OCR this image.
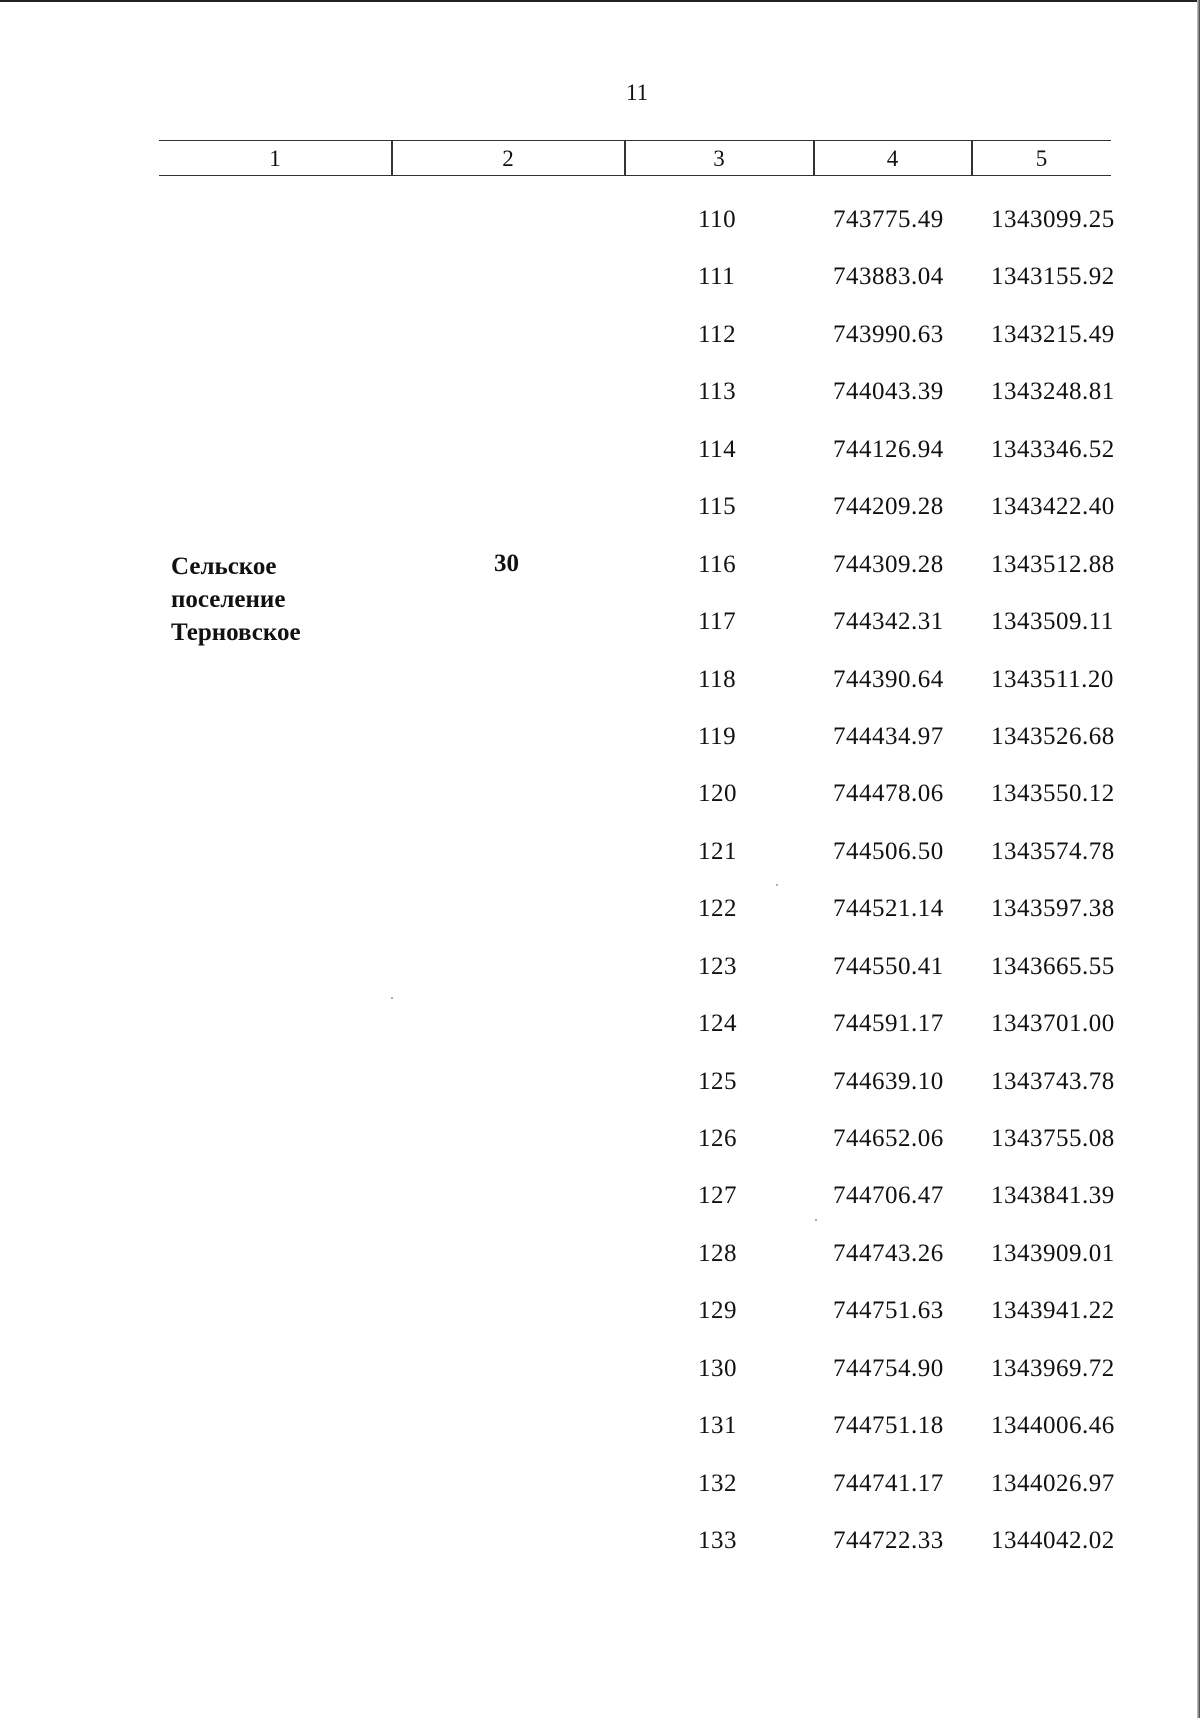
11
1	2	3	4	5
Сельское
поселение
Терновское
30
110	743775.49 1343099.25
111	743883.04 1343155.92
112	743990.63 1343215.49
113	744043.39 1343248.81
114	744126.94 1343346.52
115	744209.28 1343422.40
116	744309.28 1343512.88
117	744342.31 1343509.11
118	744390.64 1343511.20
119	744434.97 1343526.68
120	744478.06 1343550.12
121	744506.50 1343574.78
122	744521.14 1343597.38
123	744550.41 1343665.55
124	744591.17 1343701.00
125	744639.10 1343743.78
126	744652.06 1343755.08
127	744706.47 1343841.39
128	744743.26 1343909.01
129	744751.63 1343941.22
130	744754.90 1343969.72
131	744751.18 1344006.46
132	744741.17 1344026.97
133	744722.33 1344042.02
